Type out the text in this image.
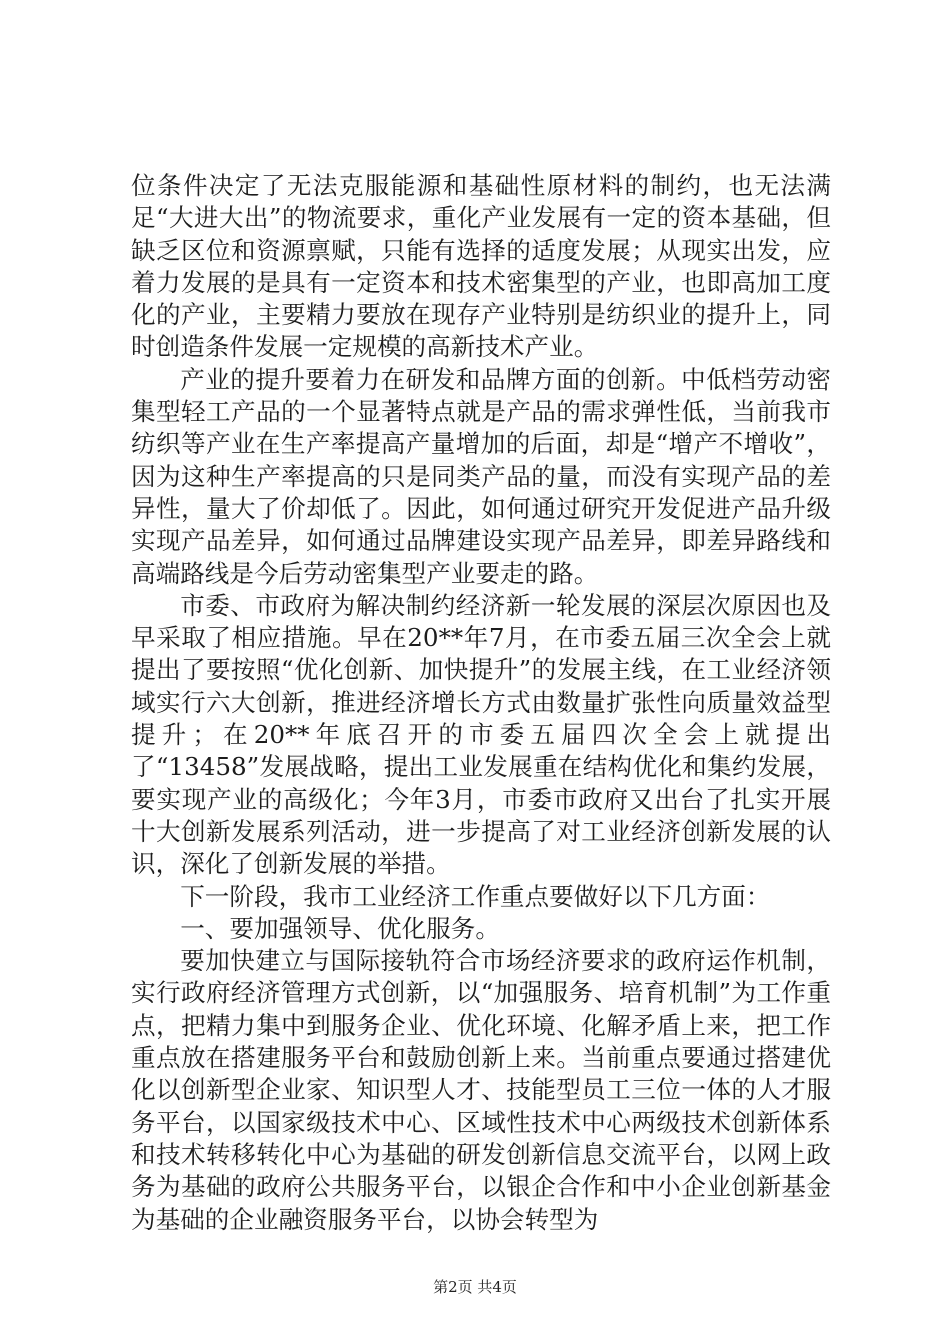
位条件决定了无法克服能源和基础性原材料的制约，也无法满足“大进大出”的物流要求，重化产业发展有一定的资本基础，但缺乏区位和资源禀赋，只能有选择的适度发展；从现实出发，应着力发展的是具有一定资本和技术密集型的产业，也即高加工度化的产业，主要精力要放在现存产业特别是纺织业的提升上，同时创造条件发展一定规模的高新技术产业。

产业的提升要着力在研发和品牌方面的创新。中低档劳动密集型轻工产品的一个显著特点就是产品的需求弹性低，当前我市纺织等产业在生产率提高产量增加的后面，却是“增产不增收”，因为这种生产率提高的只是同类产品的量，而没有实现产品的差异性，量大了价却低了。因此，如何通过研究开发促进产品升级实现产品差异，如何通过品牌建设实现产品差异，即差异路线和高端路线是今后劳动密集型产业要走的路。

市委、市政府为解决制约经济新一轮发展的深层次原因也及早采取了相应措施。早在20**年7月，在市委五届三次全会上就提出了要按照“优化创新、加快提升”的发展主线，在工业经济领域实行六大创新，推进经济增长方式由数量扩张性向质量效益型提升；在20**年底召开的市委五届四次全会上就提出了“13458”发展战略，提出工业发展重在结构优化和集约发展，要实现产业的高级化；今年3月，市委市政府又出台了扎实开展十大创新发展系列活动，进一步提高了对工业经济创新发展的认识，深化了创新发展的举措。

下一阶段，我市工业经济工作重点要做好以下几方面：

一、要加强领导、优化服务。

要加快建立与国际接轨符合市场经济要求的政府运作机制，实行政府经济管理方式创新，以“加强服务、培育机制”为工作重点，把精力集中到服务企业、优化环境、化解矛盾上来，把工作重点放在搭建服务平台和鼓励创新上来。当前重点要通过搭建优化以创新型企业家、知识型人才、技能型员工三位一体的人才服务平台，以国家级技术中心、区域性技术中心两级技术创新体系和技术转移转化中心为基础的研发创新信息交流平台，以网上政务为基础的政府公共服务平台，以银企合作和中小企业创新基金为基础的企业融资服务平台，以协会转型为

第2页 共4页
